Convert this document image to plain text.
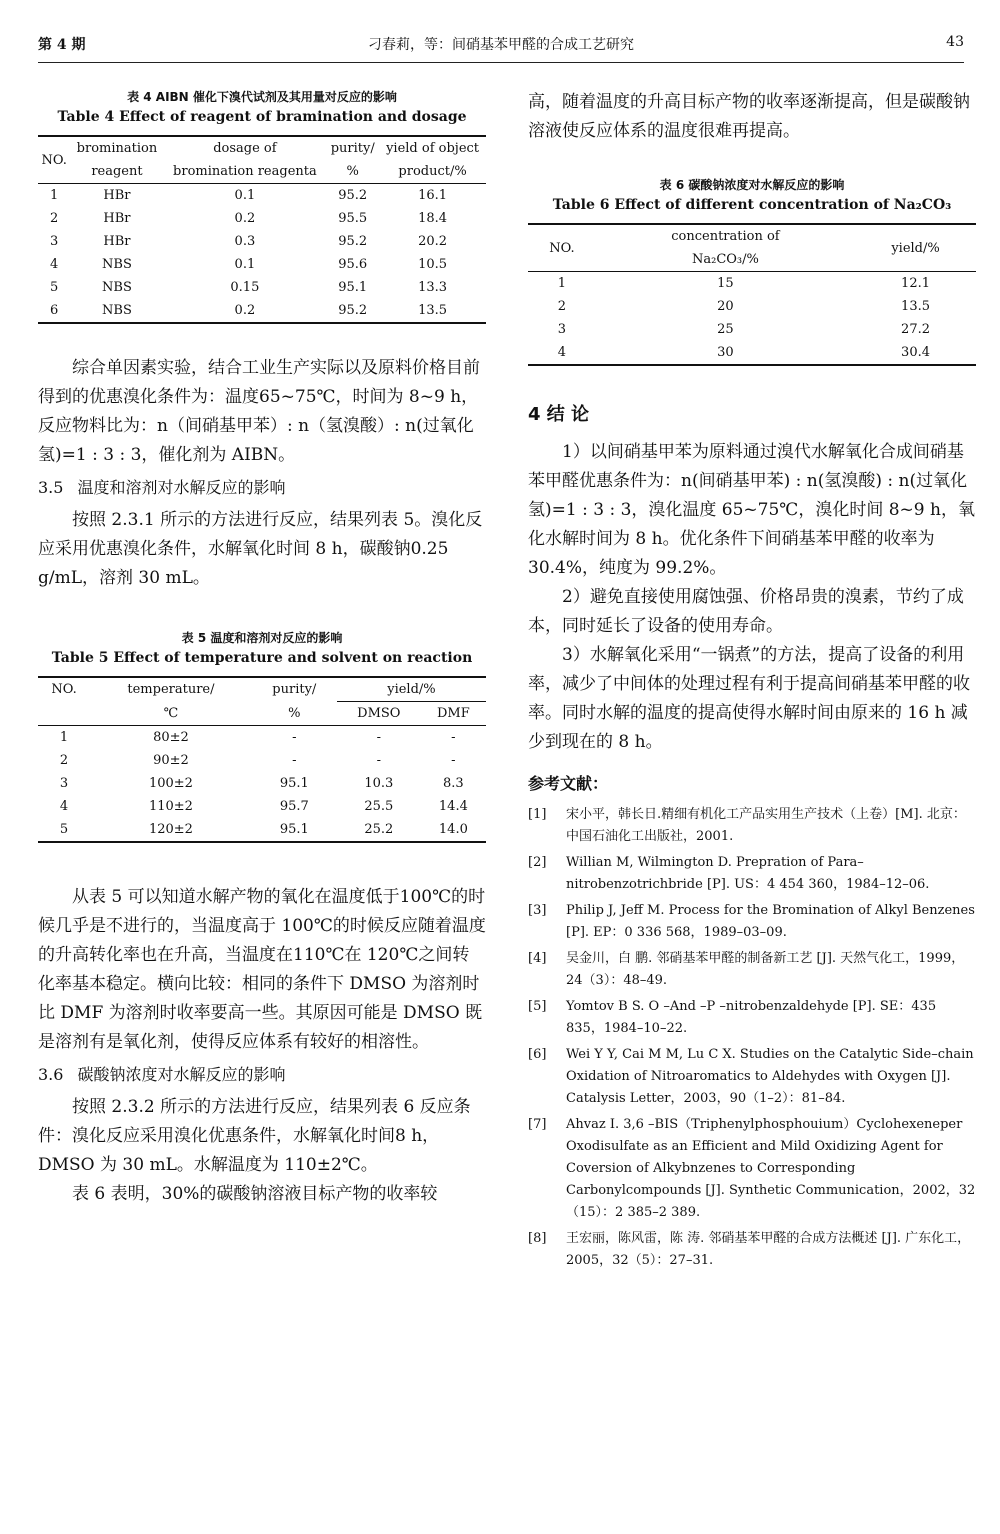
第 4 期	刁春莉，等：间硝基苯甲醛的合成工艺研究	43
表 4 AIBN 催化下溴代试剂及其用量对反应的影响
Table 4 Effect of reagent of bramination and dosage
NO.	bromination	dosage of	purity/	yield of object
	reagent	bromination reagenta	%	product/%
1	HBr	0.1	95.2	16.1
2	HBr	0.2	95.5	18.4
3	HBr	0.3	95.2	20.2
4	NBS	0.1	95.6	10.5
5	NBS	0.15	95.1	13.3
6	NBS	0.2	95.2	13.5

综合单因素实验，结合工业生产实际以及原料价格目前得到的优惠溴化条件为：温度65~75℃，时间为 8~9 h，反应物料比为：n（间硝基甲苯）: n（氢溴酸）: n(过氧化氢)=1 : 3 : 3，催化剂为 AIBN。

3.5 温度和溶剂对水解反应的影响

按照 2.3.1 所示的方法进行反应，结果列表 5。溴化反应采用优惠溴化条件，水解氧化时间 8 h，碳酸钠0.25 g/mL，溶剂 30 mL。

表 5 温度和溶剂对反应的影响
Table 5 Effect of temperature and solvent on reaction
NO.	temperature/	purity/	yield/%	
	℃	%	DMSO	DMF
1	80±2	-	-	-
2	90±2	-	-	-
3	100±2	95.1	10.3	8.3
4	110±2	95.7	25.5	14.4
5	120±2	95.1	25.2	14.0

从表 5 可以知道水解产物的氧化在温度低于100℃的时候几乎是不进行的，当温度高于 100℃的时候反应随着温度的升高转化率也在升高，当温度在110℃在 120℃之间转化率基本稳定。横向比较：相同的条件下 DMSO 为溶剂时比 DMF 为溶剂时收率要高一些。其原因可能是 DMSO 既是溶剂有是氧化剂，使得反应体系有较好的相溶性。

3.6 碳酸钠浓度对水解反应的影响

按照 2.3.2 所示的方法进行反应，结果列表 6 反应条件：溴化反应采用溴化优惠条件，水解氧化时间8 h，DMSO 为 30 mL。水解温度为 110±2℃。

表 6 表明，30%的碳酸钠溶液目标产物的收率较

高，随着温度的升高目标产物的收率逐渐提高，但是碳酸钠溶液使反应体系的温度很难再提高。

表 6 碳酸钠浓度对水解反应的影响
Table 6 Effect of different concentration of Na₂CO₃
NO.	concentration of	yield/%
	Na₂CO₃/%	
1	15	12.1
2	20	13.5
3	25	27.2
4	30	30.4
4 结 论

1）以间硝基甲苯为原料通过溴代水解氧化合成间硝基苯甲醛优惠条件为：n(间硝基甲苯) : n(氢溴酸) : n(过氧化氢)=1 : 3 : 3，溴化温度 65~75℃，溴化时间 8~9 h，氧化水解时间为 8 h。优化条件下间硝基苯甲醛的收率为 30.4%，纯度为 99.2%。

2）避免直接使用腐蚀强、价格昂贵的溴素，节约了成本，同时延长了设备的使用寿命。

3）水解氧化采用“一锅煮”的方法，提高了设备的利用率，减少了中间体的处理过程有利于提高间硝基苯甲醛的收率。同时水解的温度的提高使得水解时间由原来的 16 h 减少到现在的 8 h。

参考文献：
[1] 宋小平，韩长日.精细有机化工产品实用生产技术（上卷）[M]. 北京：中国石油化工出版社，2001.
[2] Willian M, Wilmington D. Prepration of Para–nitrobenzotrichbride [P]. US：4 454 360，1984–12–06.
[3] Philip J, Jeff M. Process for the Bromination of Alkyl Benzenes [P]. EP：0 336 568，1989–03–09.
[4] 吴金川，白 鹏. 邻硝基苯甲醛的制备新工艺 [J]. 天然气化工，1999，24（3）：48–49.
[5] Yomtov B S. O –And –P –nitrobenzaldehyde [P]. SE：435 835，1984–10–22.
[6] Wei Y Y, Cai M M, Lu C X. Studies on the Catalytic Side–chain Oxidation of Nitroaromatics to Aldehydes with Oxygen [J]. Catalysis Letter，2003，90（1–2）：81–84.
[7] Ahvaz I. 3,6 –BIS（Triphenylphosphouium）Cyclohexeneper Oxodisulfate as an Efficient and Mild Oxidizing Agent for Coversion of Alkybnzenes to Corresponding Carbonylcompounds [J]. Synthetic Communication，2002，32（15）：2 385–2 389.
[8] 王宏丽，陈风雷，陈 涛. 邻硝基苯甲醛的合成方法概述 [J]. 广东化工，2005，32（5）：27–31.
